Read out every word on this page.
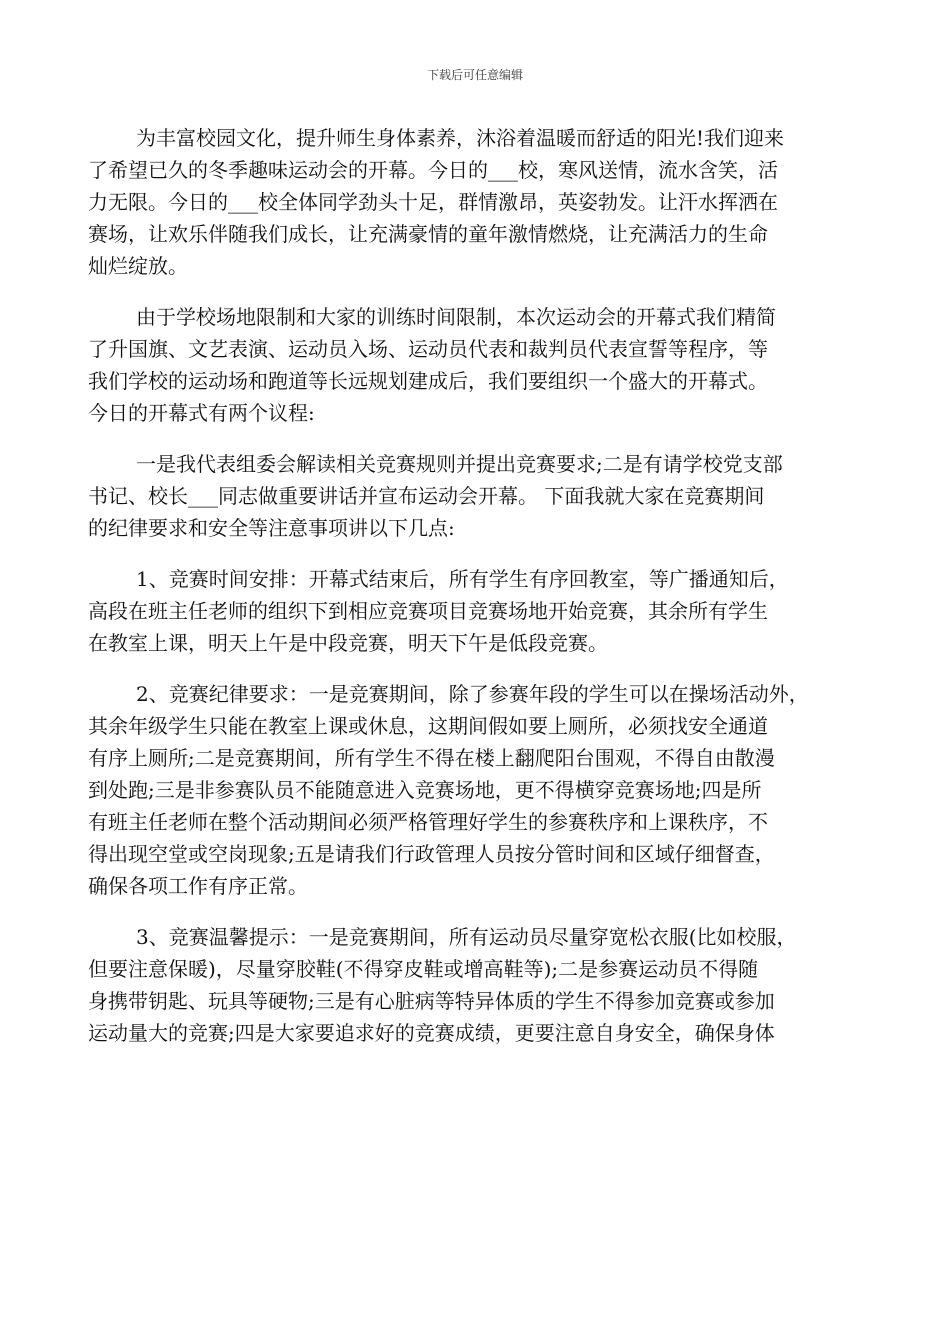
下载后可任意编辑
为丰富校园文化，提升师生身体素养，沐浴着温暖而舒适的阳光!我们迎来
了希望已久的冬季趣味运动会的开幕。今日的___校，寒风送情，流水含笑，活
力无限。今日的___校全体同学劲头十足，群情激昂，英姿勃发。让汗水挥洒在
赛场，让欢乐伴随我们成长，让充满豪情的童年激情燃烧，让充满活力的生命
灿烂绽放。
由于学校场地限制和大家的训练时间限制，本次运动会的开幕式我们精简
了升国旗、文艺表演、运动员入场、运动员代表和裁判员代表宣誓等程序，等
我们学校的运动场和跑道等长远规划建成后，我们要组织一个盛大的开幕式。
今日的开幕式有两个议程:
一是我代表组委会解读相关竞赛规则并提出竞赛要求;二是有请学校党支部
书记、校长___同志做重要讲话并宣布运动会开幕。 下面我就大家在竞赛期间
的纪律要求和安全等注意事项讲以下几点:
1、竞赛时间安排：开幕式结束后，所有学生有序回教室，等广播通知后，
高段在班主任老师的组织下到相应竞赛项目竞赛场地开始竞赛，其余所有学生
在教室上课，明天上午是中段竞赛，明天下午是低段竞赛。
2、竞赛纪律要求：一是竞赛期间，除了参赛年段的学生可以在操场活动外，
其余年级学生只能在教室上课或休息，这期间假如要上厕所，必须找安全通道
有序上厕所;二是竞赛期间，所有学生不得在楼上翻爬阳台围观，不得自由散漫
到处跑;三是非参赛队员不能随意进入竞赛场地，更不得横穿竞赛场地;四是所
有班主任老师在整个活动期间必须严格管理好学生的参赛秩序和上课秩序，不
得出现空堂或空岗现象;五是请我们行政管理人员按分管时间和区域仔细督查，
确保各项工作有序正常。
3、竞赛温馨提示：一是竞赛期间，所有运动员尽量穿宽松衣服(比如校服，
但要注意保暖)，尽量穿胶鞋(不得穿皮鞋或增高鞋等);二是参赛运动员不得随
身携带钥匙、玩具等硬物;三是有心脏病等特异体质的学生不得参加竞赛或参加
运动量大的竞赛;四是大家要追求好的竞赛成绩，更要注意自身安全，确保身体
